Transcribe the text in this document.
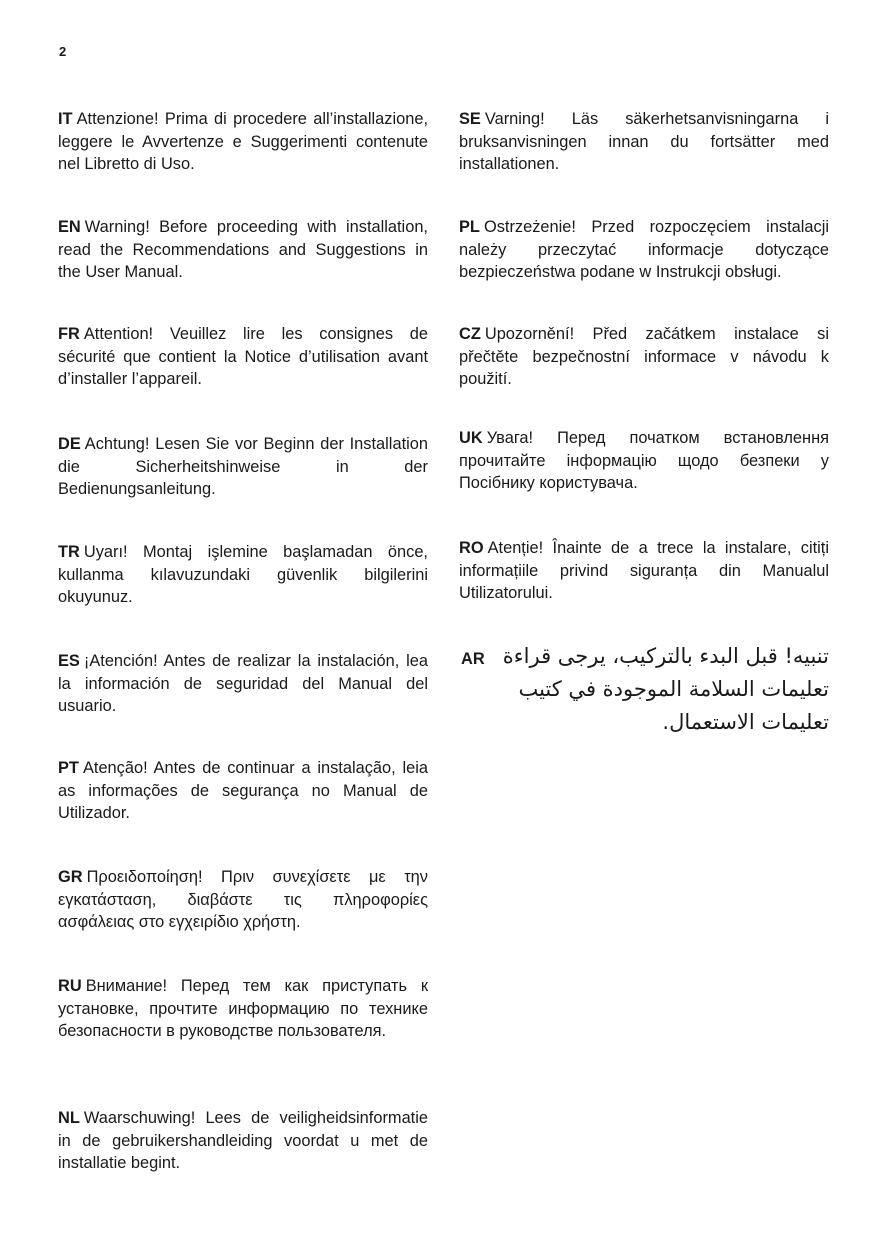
2
IT Attenzione! Prima di procedere all’installazione, leggere le Avvertenze e Suggerimenti contenute nel Libretto di Uso.
EN Warning! Before proceeding with installation, read the Recommendations and Suggestions in the User Manual.
FR Attention! Veuillez lire les consignes de sécurité que contient la Notice d’utilisation avant d’installer l’appareil.
DE Achtung! Lesen Sie vor Beginn der Installation die Sicherheitshinweise in der Bedienungsanleitung.
TR Uyarı! Montaj işlemine başlamadan önce, kullanma kılavuzundaki güvenlik bilgilerini okuyunuz.
ES ¡Atención! Antes de realizar la instalación, lea la información de seguridad del Manual del usuario.
PT Atenção! Antes de continuar a instalação, leia as informações de segurança no Manual de Utilizador.
GR Προειδοποίηση! Πριν συνεχίσετε με την εγκατάσταση, διαβάστε τις πληροφορίες ασφάλειας στο εγχειρίδιο χρήστη.
RU Внимание! Перед тем как приступать к установке, прочтите информацию по технике безопасности в руководстве пользователя.
NL Waarschuwing! Lees de veiligheidsinformatie in de gebruikershandleiding voordat u met de installatie begint.
SE Varning! Läs säkerhetsanvisningarna i bruksanvisningen innan du fortsätter med installationen.
PL Ostrzeżenie! Przed rozpoczęciem instalacji należy przeczytać informacje dotyczące bezpieczeństwa podane w Instrukcji obsługi.
CZ Upozornění! Před začátkem instalace si přečtěte bezpečnostní informace v návodu k použití.
UK Увага! Перед початком встановлення прочитайте інформацію щодо безпеки у Посібнику користувача.
RO Atenție! Înainte de a trece la instalare, citiți informațiile privind siguranța din Manualul Utilizatorului.
AR تنبيه! قبل البدء بالتركيب، يرجى قراءة تعليمات السلامة الموجودة في كتيب تعليمات الاستعمال.
